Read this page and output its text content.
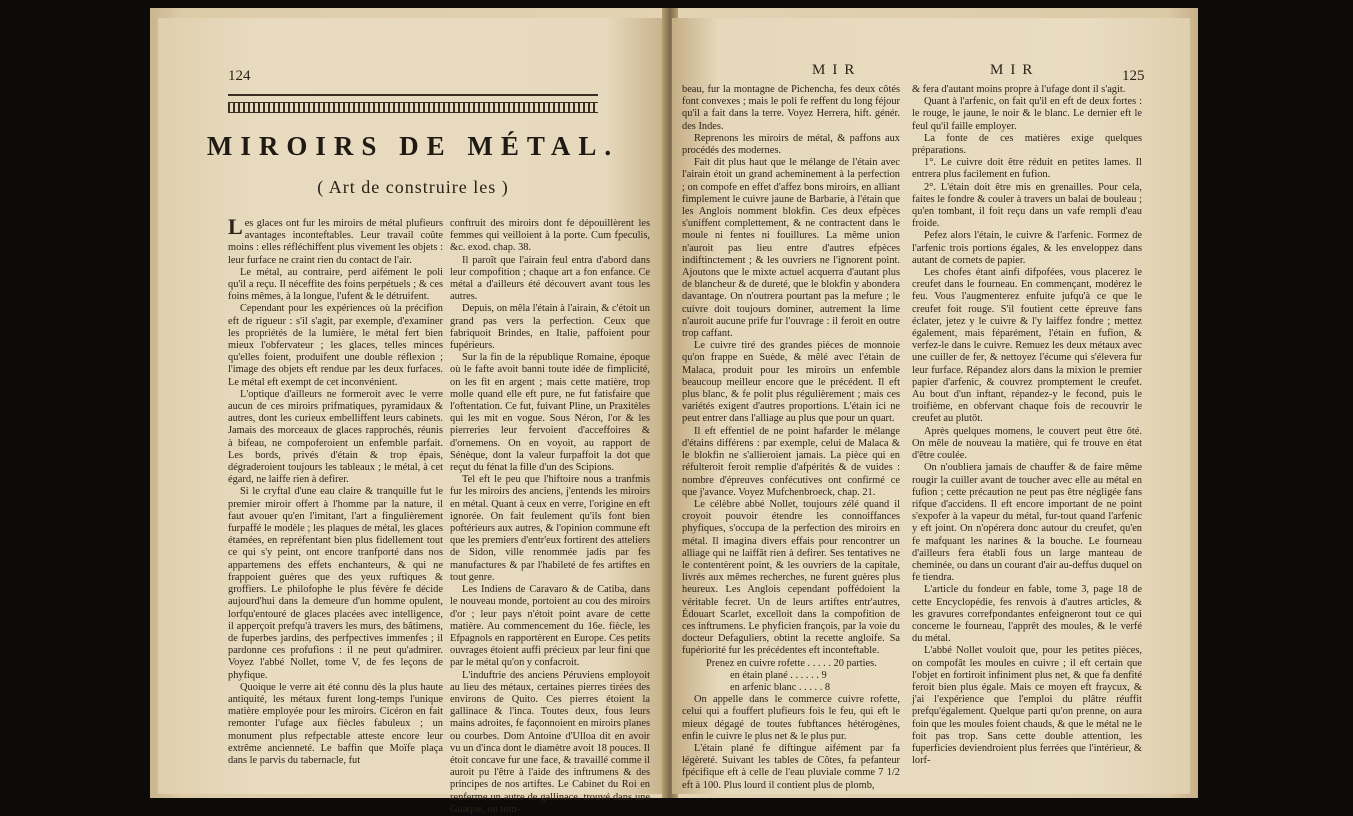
124
MIROIRS DE MÉTAL.
( Art de construire les )

Les glaces ont fur les miroirs de métal plufieurs avantages inconteftables. Leur travail coûte moins : elles réfléchiffent plus vivement les objets : leur furface ne craint rien du contact de l'air.

Le métal, au contraire, perd aifément le poli qu'il a reçu. Il néceffite des foins perpétuels ; & ces foins mêmes, à la longue, l'ufent & le détruifent.

Cependant pour les expériences où la précifion eft de rigueur : s'il s'agit, par exemple, d'examiner les propriétés de la lumière, le métal fert bien mieux l'obfervateur ; les glaces, telles minces qu'elles foient, produifent une double réflexion ; l'image des objets eft rendue par les deux furfaces. Le métal eft exempt de cet inconvénient.

L'optique d'ailleurs ne formeroit avec le verre aucun de ces miroirs prifmatiques, pyramidaux & autres, dont les curieux embelliffent leurs cabinets. Jamais des morceaux de glaces rapprochés, réunis à bifeau, ne compoferoient un enfemble parfait. Les bords, privés d'étain & trop épais, dégraderoient toujours les tableaux ; le métal, à cet égard, ne laiffe rien à defirer.

Si le cryftal d'une eau claire & tranquille fut le premier miroir offert à l'homme par la nature, il faut avouer qu'en l'imitant, l'art a fingulièrement furpaffé le modèle ; les plaques de métal, les glaces étamées, en repréfentant bien plus fidellement tout ce qui s'y peint, ont encore tranfporté dans nos appartemens des effets enchanteurs, & qui ne frappoient guères que des yeux ruftiques & groffiers. Le philofophe le plus févère fe décide aujourd'hui dans la demeure d'un homme opulent, lorfqu'entouré de glaces placées avec intelligence, il apperçoit prefqu'à travers les murs, des bâtimens, de fuperbes jardins, des perfpectives immenfes ; il pardonne ces profufions : il ne peut qu'admirer. Voyez l'abbé Nollet, tome V, de fes leçons de phyfique.

Quoique le verre ait été connu dès la plus haute antiquité, les métaux furent long-temps l'unique matière employée pour les miroirs. Cicéron en fait remonter l'ufage aux fiècles fabuleux ; un monument plus refpectable atteste encore leur extrême ancienneté. Le baffin que Moïfe plaça dans le parvis du tabernacle, fut

conftruit des miroirs dont fe dépouillèrent les femmes qui veilloient à la porte. Cum fpeculis, &c. exod. chap. 38.

Il paroît que l'airain feul entra d'abord dans leur compofition ; chaque art a fon enfance. Ce métal a d'ailleurs été découvert avant tous les autres.

Depuis, on mêla l'étain à l'airain, & c'étoit un grand pas vers la perfection. Ceux que fabriquoit Brindes, en Italie, paffoient pour fupérieurs.

Sur la fin de la république Romaine, époque où le fafte avoit banni toute idée de fimplicité, on les fit en argent ; mais cette matière, trop molle quand elle eft pure, ne fut fatisfaire que l'oftentation. Ce fut, fuivant Pline, un Praxitèles qui les mit en vogue. Sous Néron, l'or & les pierreries leur fervoient d'acceffoires & d'ornemens. On en voyoit, au rapport de Sénèque, dont la valeur furpaffoit la dot que reçut du fénat la fille d'un des Scipions.

Tel eft le peu que l'hiftoire nous a tranfmis fur les miroirs des anciens, j'entends les miroirs en métal. Quant à ceux en verre, l'origine en eft ignorée. On fait feulement qu'ils font bien poftérieurs aux autres, & l'opinion commune eft que les premiers d'entr'eux fortirent des atteliers de Sidon, ville renommée jadis par fes manufactures & par l'habileté de fes artiftes en tout genre.

Les Indiens de Caravaro & de Catiba, dans le nouveau monde, portoient au cou des miroirs d'or ; leur pays n'étoit point avare de cette matière. Au commencement du 16e. fiècle, les Efpagnols en rapportèrent en Europe. Ces petits ouvrages étoient auffi précieux par leur fini que par le métal qu'on y confacroit.

L'induftrie des anciens Péruviens employoit au lieu des métaux, certaines pierres tirées des environs de Quito. Ces pierres étoient la gallinace & l'inca. Toutes deux, fous leurs mains adroites, fe façonnoient en miroirs planes ou courbes. Dom Antoine d'Ulloa dit en avoir vu un d'inca dont le diamètre avoit 18 pouces. Il étoit concave fur une face, & travaillé comme il auroit pu l'être à l'aide des inftrumens & des principes de nos artiftes. Le Cabinet du Roi en renferme un autre de gallinace, trouvé dans une Guaque, ou tom-

MIR	MIR	125

beau, fur la montagne de Pichencha, fes deux côtés font convexes ; mais le poli fe reffent du long féjour qu'il a fait dans la terre. Voyez Herrera, hift. génér. des Indes.

Reprenons les miroirs de métal, & paffons aux procédés des modernes.

Fait dit plus haut que le mélange de l'étain avec l'airain étoit un grand acheminement à la perfection ; on compofe en effet d'affez bons miroirs, en alliant fimplement le cuivre jaune de Barbarie, à l'étain que les Anglois nomment blokfin. Ces deux efpèces s'uniffent complettement, & ne contractent dans le moule ni fentes ni fouillures. La même union n'auroit pas lieu entre d'autres efpèces indiftinctement ; & les ouvriers ne l'ignorent point. Ajoutons que le mixte actuel acquerra d'autant plus de blancheur & de dureté, que le blokfin y abondera davantage. On n'outrera pourtant pas la mefure ; le cuivre doit toujours dominer, autrement la lime n'auroit aucune prife fur l'ouvrage : il feroit en outre trop caffant.

Le cuivre tiré des grandes pièces de monnoie qu'on frappe en Suède, & mêlé avec l'étain de Malaca, produit pour les miroirs un enfemble beaucoup meilleur encore que le précédent. Il eft plus blanc, & fe polit plus régulièrement ; mais ces variétés exigent d'autres proportions. L'étain ici ne peut entrer dans l'alliage au plus que pour un quart.

Il eft effentiel de ne point hafarder le mélange d'étains différens : par exemple, celui de Malaca & le blokfin ne s'allieroient jamais. La pièce qui en réfulteroit feroit remplie d'afpérités & de vuides : nombre d'épreuves confécutives ont confirmé ce que j'avance. Voyez Mufchenbroeck, chap. 21.

Le célèbre abbé Nollet, toujours zélé quand il croyoit pouvoir étendre les connoiffances phyfiques, s'occupa de la perfection des miroirs en métal. Il imagina divers effais pour rencontrer un alliage qui ne laiffât rien à defirer. Ses tentatives ne le contentèrent point, & les ouvriers de la capitale, livrés aux mêmes recherches, ne furent guères plus heureux. Les Anglois cependant poffédoient la véritable fecret. Un de leurs artiftes entr'autres, Édouart Scarlet, excelloit dans la compofition de ces inftrumens. Le phyficien françois, par la voie du docteur Defaguliers, obtint la recette angloife. Sa fupériorité fur les précédentes eft inconteftable.

Prenez en cuivre rofette . . . . . 20 parties.

en étain plané . . . . . . 9

en arfenic blanc . . . . . 8

On appelle dans le commerce cuivre rofette, celui qui a fouffert plufieurs fois le feu, qui eft le mieux dégagé de toutes fubftances hétérogènes, enfin le cuivre le plus net & le plus pur.

L'étain plané fe diftingue aifément par fa légèreté. Suivant les tables de Côtes, fa pefanteur fpécifique eft à celle de l'eau pluviale comme 7 1/2 eft à 100. Plus lourd il contient plus de plomb,

& fera d'autant moins propre à l'ufage dont il s'agit.

Quant à l'arfenic, on fait qu'il en eft de deux fortes : le rouge, le jaune, le noir & le blanc. Le dernier eft le feul qu'il faille employer.

La fonte de ces matières exige quelques préparations.

1°. Le cuivre doit être réduit en petites lames. Il entrera plus facilement en fufion.

2°. L'étain doit être mis en grenailles. Pour cela, faites le fondre & couler à travers un balai de bouleau ; qu'en tombant, il foit reçu dans un vafe rempli d'eau froide.

Pefez alors l'étain, le cuivre & l'arfenic. Formez de l'arfenic trois portions égales, & les enveloppez dans autant de cornets de papier.

Les chofes étant ainfi difpofées, vous placerez le creufet dans le fourneau. En commençant, modérez le feu. Vous l'augmenterez enfuite jufqu'à ce que le creufet foit rouge. S'il foutient cette épreuve fans éclater, jetez y le cuivre & l'y laiffez fondre ; mettez également, mais féparément, l'étain en fufion, & verfez-le dans le cuivre. Remuez les deux métaux avec une cuiller de fer, & nettoyez l'écume qui s'élevera fur leur furface. Répandez alors dans la mixion le premier papier d'arfenic, & couvrez promptement le creufet. Au bout d'un inftant, répandez-y le fecond, puis le troifième, en obfervant chaque fois de recouvrir le creufet au plutôt.

Après quelques momens, le couvert peut être ôté. On mêle de nouveau la matière, qui fe trouve en état d'être coulée.

On n'oubliera jamais de chauffer & de faire même rougir la cuiller avant de toucher avec elle au métal en fufion ; cette précaution ne peut pas être négligée fans rifque d'accidens. Il eft encore important de ne point s'expofer à la vapeur du métal, fur-tout quand l'arfenic y eft joint. On n'opérera donc autour du creufet, qu'en fe mafquant les narines & la bouche. Le fourneau d'ailleurs fera établi fous un large manteau de cheminée, ou dans un courant d'air au-deffus duquel on fe tiendra.

L'article du fondeur en fable, tome 3, page 18 de cette Encyclopédie, fes renvois à d'autres articles, & les gravures correfpondantes enfeigneront tout ce qui concerne le fourneau, l'apprêt des moules, & le verfé du métal.

L'abbé Nollet vouloit que, pour les petites pièces, on compofât les moules en cuivre ; il eft certain que l'objet en fortiroit infiniment plus net, & que fa denfité feroit bien plus égale. Mais ce moyen eft fraycux, & j'ai l'expérience que l'emploi du plâtre réuffit prefqu'également. Quelque parti qu'on prenne, on aura foin que les moules foient chauds, & que le métal ne le foit pas trop. Sans cette double attention, les fuperficies deviendroient plus ferrées que l'intérieur, & lorf-
